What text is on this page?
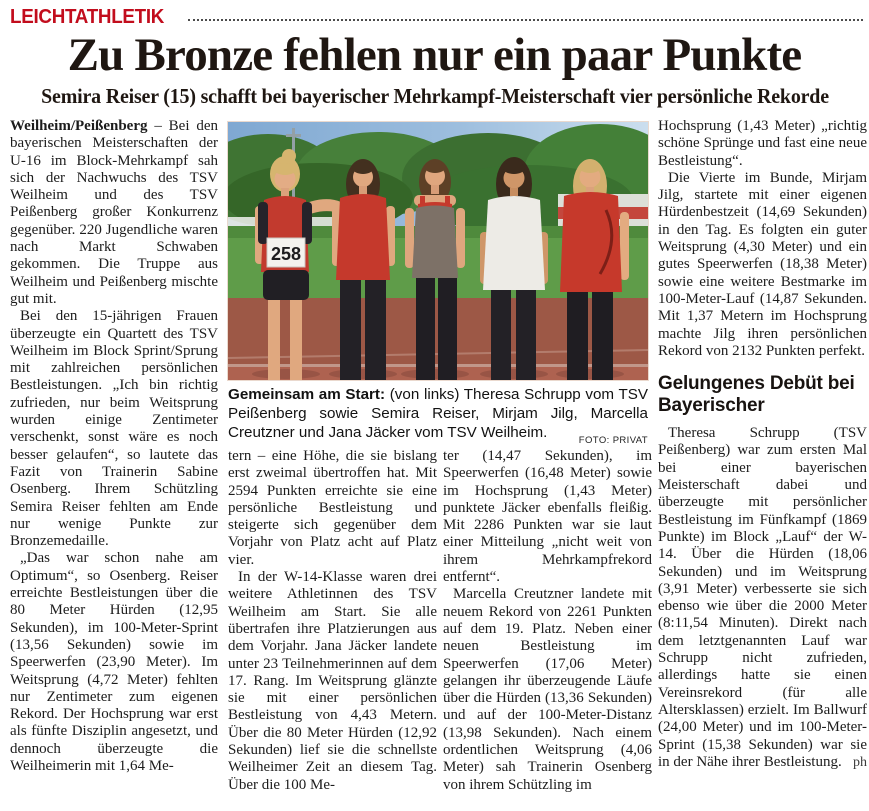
LEICHTATHLETIK
Zu Bronze fehlen nur ein paar Punkte
Semira Reiser (15) schafft bei bayerischer Mehrkampf-Meisterschaft vier persönliche Rekorde

Weilheim/Peißenberg – Bei den bayerischen Meisterschaften der U-16 im Block-Mehrkampf sah sich der Nachwuchs des TSV Weilheim und des TSV Peißenberg großer Konkurrenz gegenüber. 220 Jugendliche waren nach Markt Schwaben gekommen. Die Truppe aus Weilheim und Peißenberg mischte gut mit.

Bei den 15-jährigen Frauen überzeugte ein Quartett des TSV Weilheim im Block Sprint/Sprung mit zahlreichen persönlichen Bestleistungen. „Ich bin richtig zufrieden, nur beim Weitsprung wurden einige Zentimeter verschenkt, sonst wäre es noch besser gelaufen“, so lautete das Fazit von Trainerin Sabine Osenberg. Ihrem Schützling Semira Reiser fehlten am Ende nur wenige Punkte zur Bronzemedaille.

„Das war schon nahe am Optimum“, so Osenberg. Reiser erreichte Bestleistungen über die 80 Meter Hürden (12,95 Sekunden), im 100-Meter-Sprint (13,56 Sekunden) sowie im Speerwerfen (23,90 Meter). Im Weitsprung (4,72 Meter) fehlten nur Zentimeter zum eigenen Rekord. Der Hochsprung war erst als fünfte Disziplin angesetzt, und dennoch überzeugte die Weilheimerin mit 1,64 Me-

258
Gemeinsam am Start: (von links) Theresa Schrupp vom TSV Peißenberg sowie Semira Reiser, Mirjam Jilg, Marcella Creutzner und Jana Jäcker vom TSV Weilheim.	FOTO: PRIVAT

tern – eine Höhe, die sie bislang erst zweimal übertroffen hat. Mit 2594 Punkten erreichte sie eine persönliche Bestleistung und steigerte sich gegenüber dem Vorjahr von Platz acht auf Platz vier.

In der W-14-Klasse waren drei weitere Athletinnen des TSV Weilheim am Start. Sie alle übertrafen ihre Platzierungen aus dem Vorjahr. Jana Jäcker landete unter 23 Teilnehmerinnen auf dem 17. Rang. Im Weitsprung glänzte sie mit einer persönlichen Bestleistung von 4,43 Metern. Über die 80 Meter Hürden (12,92 Sekunden) lief sie die schnellste Weilheimer Zeit an diesem Tag. Über die 100 Me-

ter (14,47 Sekunden), im Speerwerfen (16,48 Meter) sowie im Hochsprung (1,43 Meter) punktete Jäcker ebenfalls fleißig. Mit 2286 Punkten war sie laut einer Mitteilung „nicht weit von ihrem Mehrkampfrekord entfernt“.

Marcella Creutzner landete mit neuem Rekord von 2261 Punkten auf dem 19. Platz. Neben einer neuen Bestleistung im Speerwerfen (17,06 Meter) gelangen ihr überzeugende Läufe über die Hürden (13,36 Sekunden) und auf der 100-Meter-Distanz (13,98 Sekunden). Nach einem ordentlichen Weitsprung (4,06 Meter) sah Trainerin Osenberg von ihrem Schützling im

Hochsprung (1,43 Meter) „richtig schöne Sprünge und fast eine neue Bestleistung“.

Die Vierte im Bunde, Mirjam Jilg, startete mit einer eigenen Hürdenbestzeit (14,69 Sekunden) in den Tag. Es folgten ein guter Weitsprung (4,30 Meter) und ein gutes Speerwerfen (18,38 Meter) sowie eine weitere Bestmarke im 100-Meter-Lauf (14,87 Sekunden. Mit 1,37 Metern im Hochsprung machte Jilg ihren persönlichen Rekord von 2132 Punkten perfekt.

Gelungenes Debüt bei Bayerischer

Theresa Schrupp (TSV Peißenberg) war zum ersten Mal bei einer bayerischen Meisterschaft dabei und überzeugte mit persönlicher Bestleistung im Fünfkampf (1869 Punkte) im Block „Lauf“ der W-14. Über die Hürden (18,06 Sekunden) und im Weitsprung (3,91 Meter) verbesserte sie sich ebenso wie über die 2000 Meter (8:11,54 Minuten). Direkt nach dem letztgenannten Lauf war Schrupp nicht zufrieden, allerdings hatte sie einen Vereinsrekord (für alle Altersklassen) erzielt. Im Ballwurf (24,00 Meter) und im 100-Meter-Sprint (15,38 Sekunden) war sie in der Nähe ihrer Bestleistung. ph
